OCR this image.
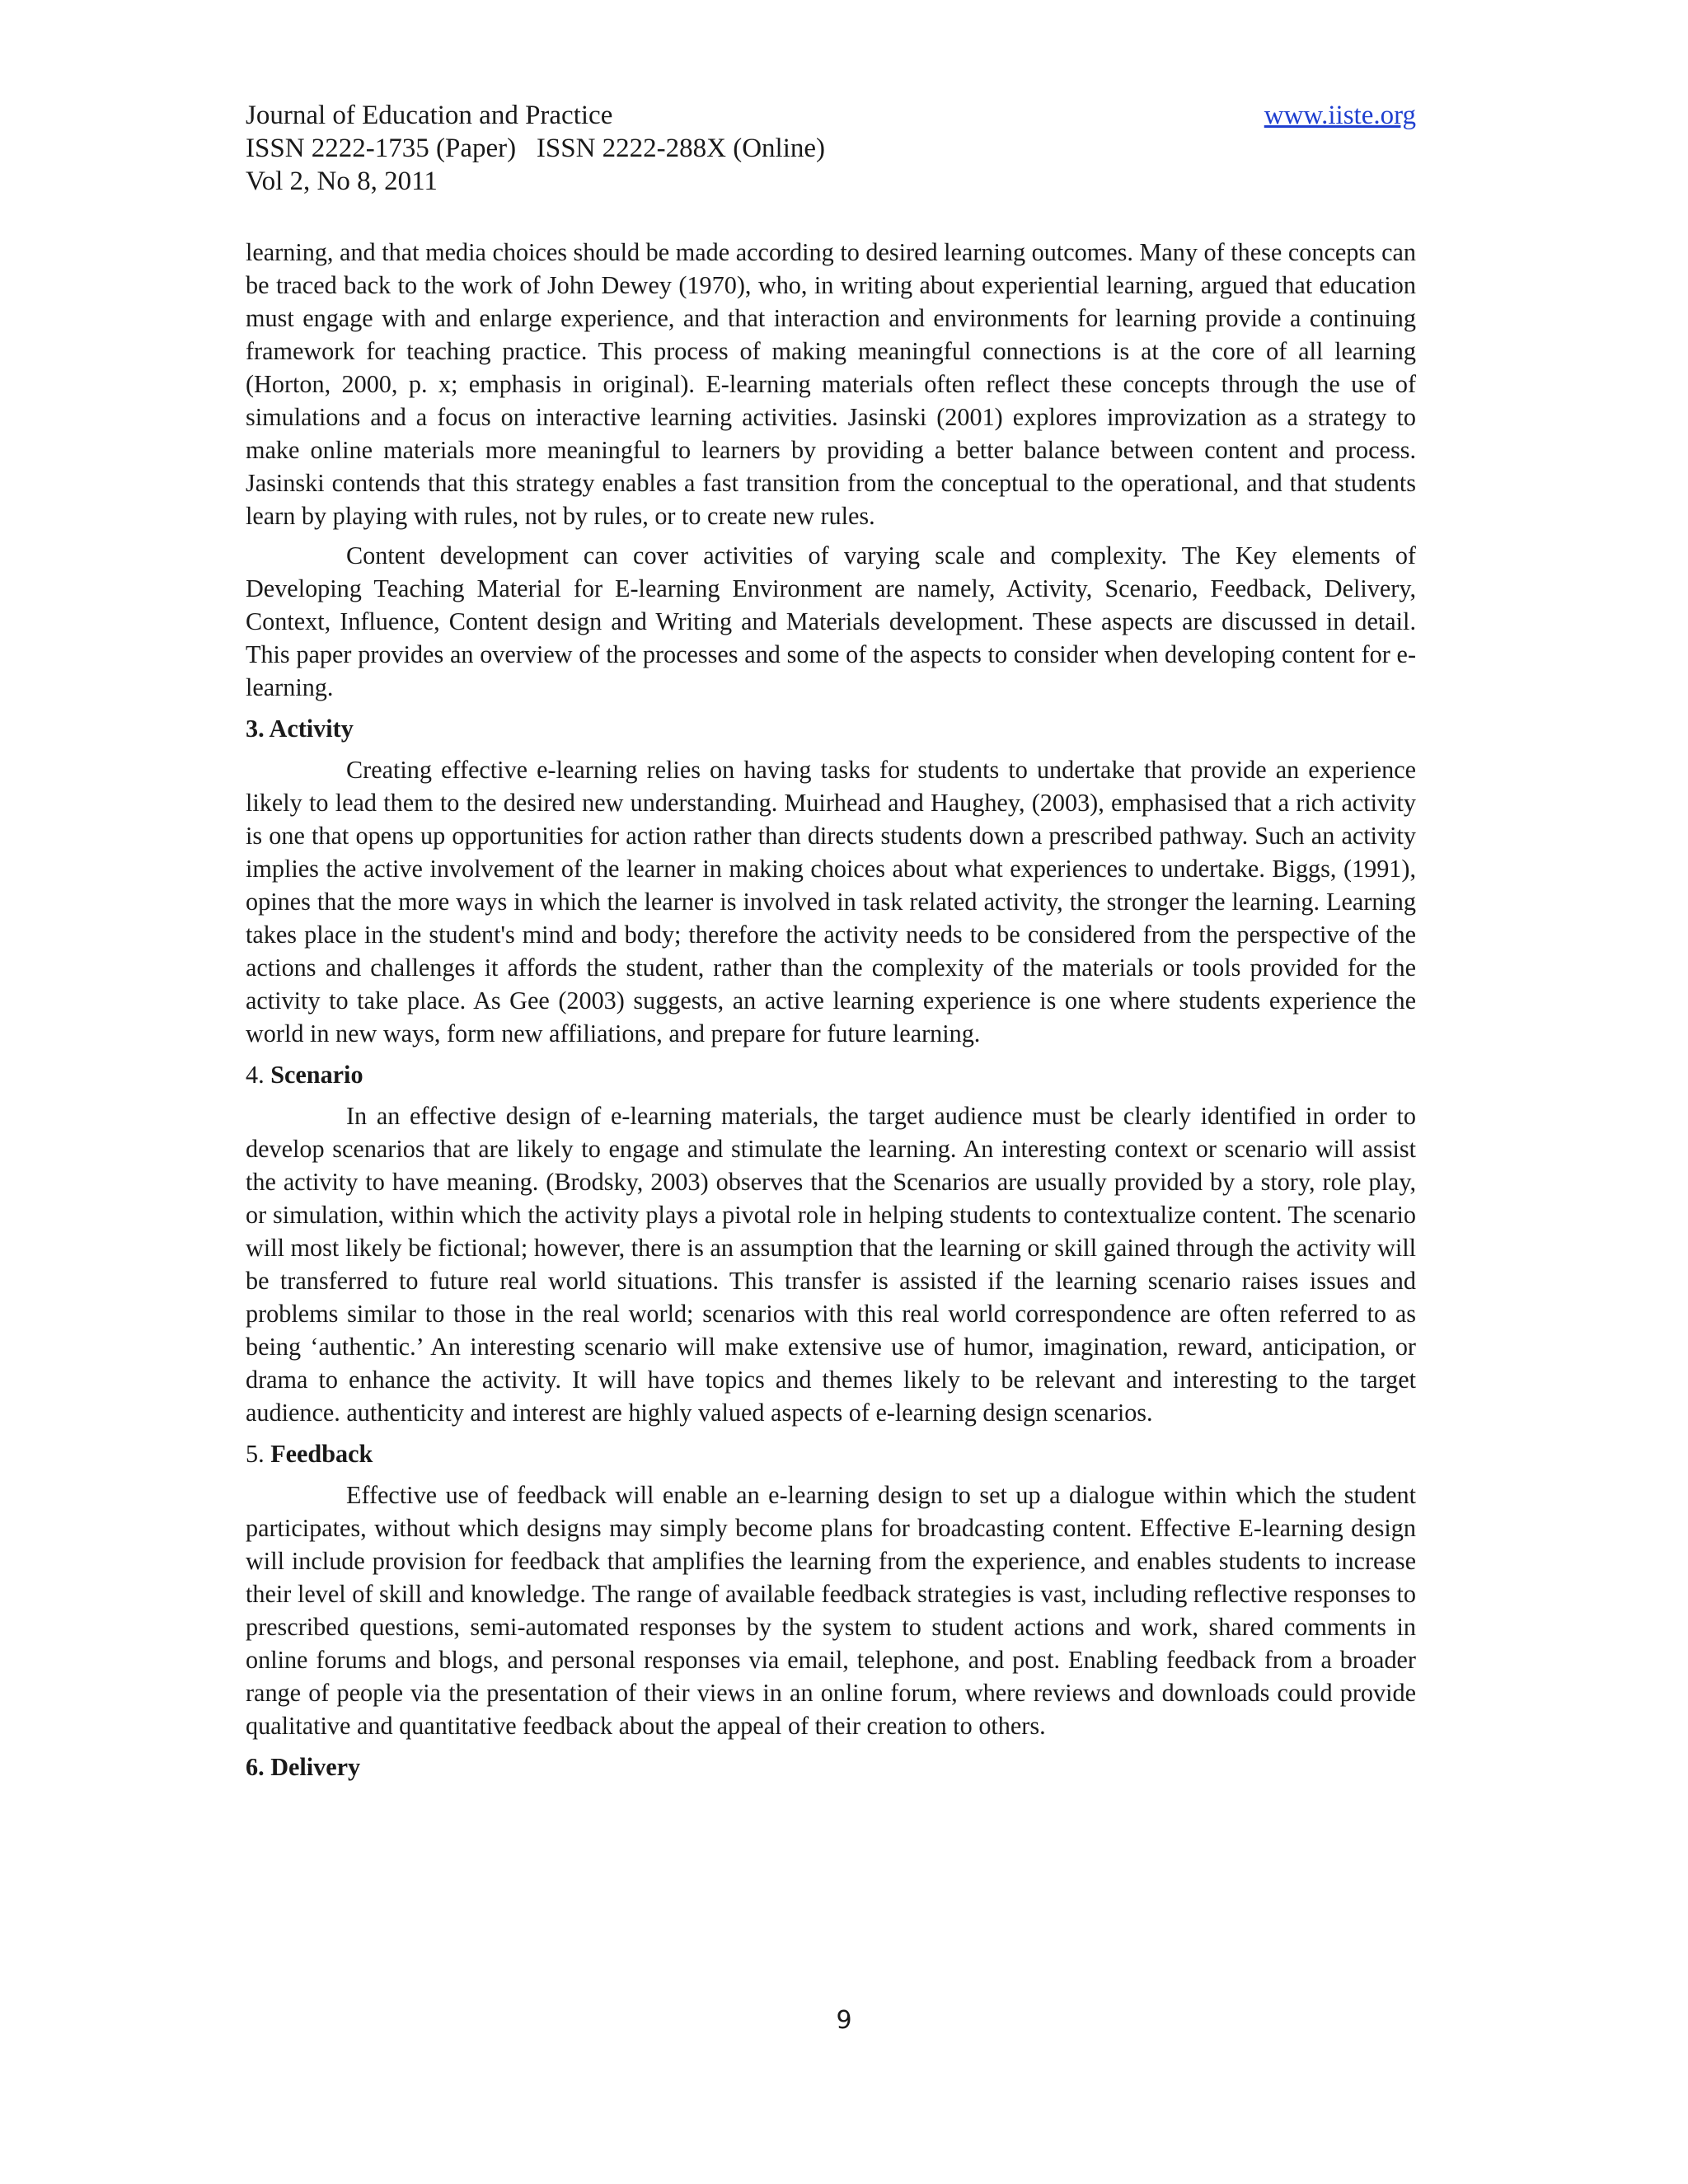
Journal of Education and Practice	www.iiste.org
ISSN 2222-1735 (Paper)   ISSN 2222-288X (Online)
Vol 2, No 8, 2011

learning, and that media choices should be made according to desired learning outcomes. Many of these concepts can be traced back to the work of John Dewey (1970), who, in writing about experiential learning, argued that education must engage with and enlarge experience, and that interaction and environments for learning provide a continuing framework for teaching practice. This process of making meaningful connections is at the core of all learning (Horton, 2000, p. x; emphasis in original). E-learning materials often reflect these concepts through the use of simulations and a focus on interactive learning activities. Jasinski (2001) explores improvization as a strategy to make online materials more meaningful to learners by providing a better balance between content and process. Jasinski contends that this strategy enables a fast transition from the conceptual to the operational, and that students learn by playing with rules, not by rules, or to create new rules.

Content development can cover activities of varying scale and complexity. The Key elements of Developing Teaching Material for E-learning Environment are namely, Activity, Scenario, Feedback, Delivery, Context, Influence, Content design and Writing and Materials development. These aspects are discussed in detail. This paper provides an overview of the processes and some of the aspects to consider when developing content for e-learning.

3. Activity

Creating effective e-learning relies on having tasks for students to undertake that provide an experience likely to lead them to the desired new understanding. Muirhead and Haughey, (2003), emphasised that a rich activity is one that opens up opportunities for action rather than directs students down a prescribed pathway. Such an activity implies the active involvement of the learner in making choices about what experiences to undertake. Biggs, (1991), opines that the more ways in which the learner is involved in task related activity, the stronger the learning. Learning takes place in the student's mind and body; therefore the activity needs to be considered from the perspective of the actions and challenges it affords the student, rather than the complexity of the materials or tools provided for the activity to take place. As Gee (2003) suggests, an active learning experience is one where students experience the world in new ways, form new affiliations, and prepare for future learning.

4. Scenario

In an effective design of e-learning materials, the target audience must be clearly identified in order to develop scenarios that are likely to engage and stimulate the learning. An interesting context or scenario will assist the activity to have meaning. (Brodsky, 2003) observes that the Scenarios are usually provided by a story, role play, or simulation, within which the activity plays a pivotal role in helping students to contextualize content. The scenario will most likely be fictional; however, there is an assumption that the learning or skill gained through the activity will be transferred to future real world situations. This transfer is assisted if the learning scenario raises issues and problems similar to those in the real world; scenarios with this real world correspondence are often referred to as being ‘authentic.’ An interesting scenario will make extensive use of humor, imagination, reward, anticipation, or drama to enhance the activity. It will have topics and themes likely to be relevant and interesting to the target audience. authenticity and interest are highly valued aspects of e-learning design scenarios.

5. Feedback

Effective use of feedback will enable an e-learning design to set up a dialogue within which the student participates, without which designs may simply become plans for broadcasting content. Effective E-learning design will include provision for feedback that amplifies the learning from the experience, and enables students to increase their level of skill and knowledge. The range of available feedback strategies is vast, including reflective responses to prescribed questions, semi-automated responses by the system to student actions and work, shared comments in online forums and blogs, and personal responses via email, telephone, and post. Enabling feedback from a broader range of people via the presentation of their views in an online forum, where reviews and downloads could provide qualitative and quantitative feedback about the appeal of their creation to others.

6. Delivery
9
